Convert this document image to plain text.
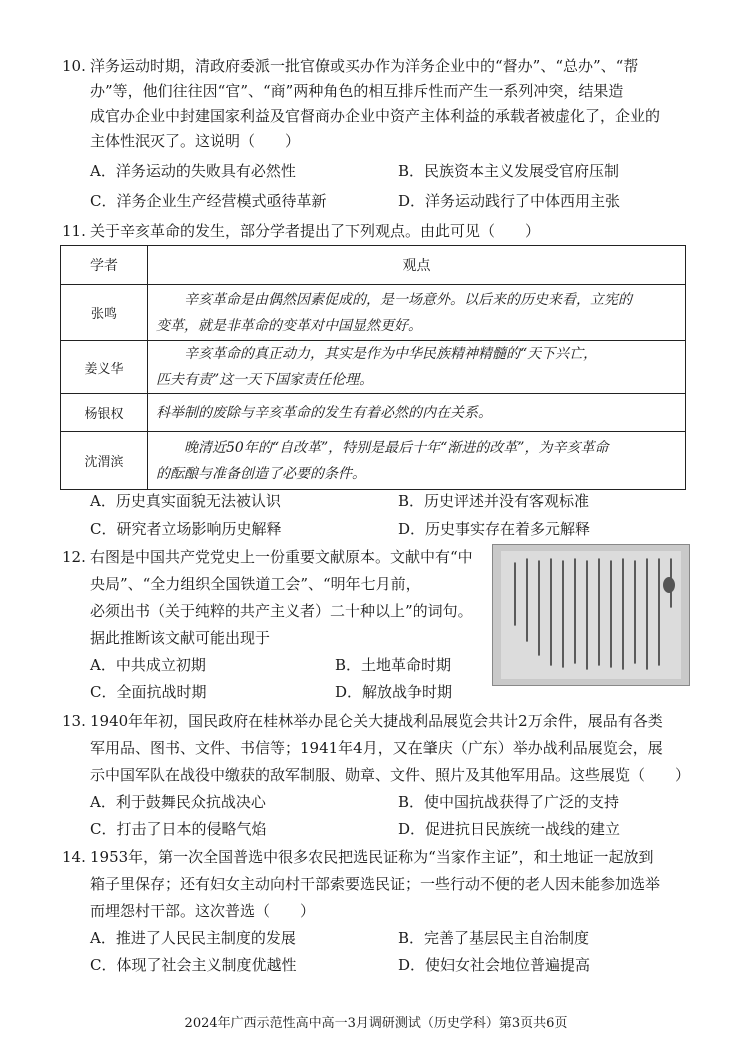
10. 洋务运动时期，清政府委派一批官僚或买办作为洋务企业中的“督办”、“总办”、“帮
办”等，他们往往因“官”、“商”两种角色的相互排斥性而产生一系列冲突，结果造
成官办企业中封建国家利益及官督商办企业中资产主体利益的承载者被虚化了，企业的
主体性泯灭了。这说明（　　）
A．洋务运动的失败具有必然性	B．民族资本主义发展受官府压制
C．洋务企业生产经营模式亟待革新	D．洋务运动践行了中体西用主张
11. 关于辛亥革命的发生，部分学者提出了下列观点。由此可见（　　）
学者	观点
张鸣	辛亥革命是由偶然因素促成的，是一场意外。以后来的历史来看，立宪的
变革，就是非革命的变革对中国显然更好。

姜义华	辛亥革命的真正动力，其实是作为中华民族精神精髓的“天下兴亡，
匹夫有责”这一天下国家责任伦理。

杨银权	科举制的废除与辛亥革命的发生有着必然的内在关系。

沈渭滨	晚清近50年的“自改革”，特别是最后十年“渐进的改革”，为辛亥革命
的酝酿与准备创造了必要的条件。
A．历史真实面貌无法被认识	B．历史评述并没有客观标准
C．研究者立场影响历史解释	D．历史事实存在着多元解释
12. 右图是中国共产党党史上一份重要文献原本。文献中有“中
央局”、“全力组织全国铁道工会”、“明年七月前，
必须出书（关于纯粹的共产主义者）二十种以上”的词句。
据此推断该文献可能出现于
A．中共成立初期	B．土地革命时期
C．全面抗战时期	D．解放战争时期
13. 1940年年初，国民政府在桂林举办昆仑关大捷战利品展览会共计2万余件，展品有各类
军用品、图书、文件、书信等；1941年4月，又在肇庆（广东）举办战利品展览会，展
示中国军队在战役中缴获的敌军制服、勋章、文件、照片及其他军用品。这些展览（　　）
A．利于鼓舞民众抗战决心	B．使中国抗战获得了广泛的支持
C．打击了日本的侵略气焰	D．促进抗日民族统一战线的建立
14. 1953年，第一次全国普选中很多农民把选民证称为“当家作主证”，和土地证一起放到
箱子里保存；还有妇女主动向村干部索要选民证；一些行动不便的老人因未能参加选举
而埋怨村干部。这次普选（　　）
A．推进了人民民主制度的发展	B．完善了基层民主自治制度
C．体现了社会主义制度优越性	D．使妇女社会地位普遍提高
2024年广西示范性高中高一3月调研测试（历史学科）第3页共6页
